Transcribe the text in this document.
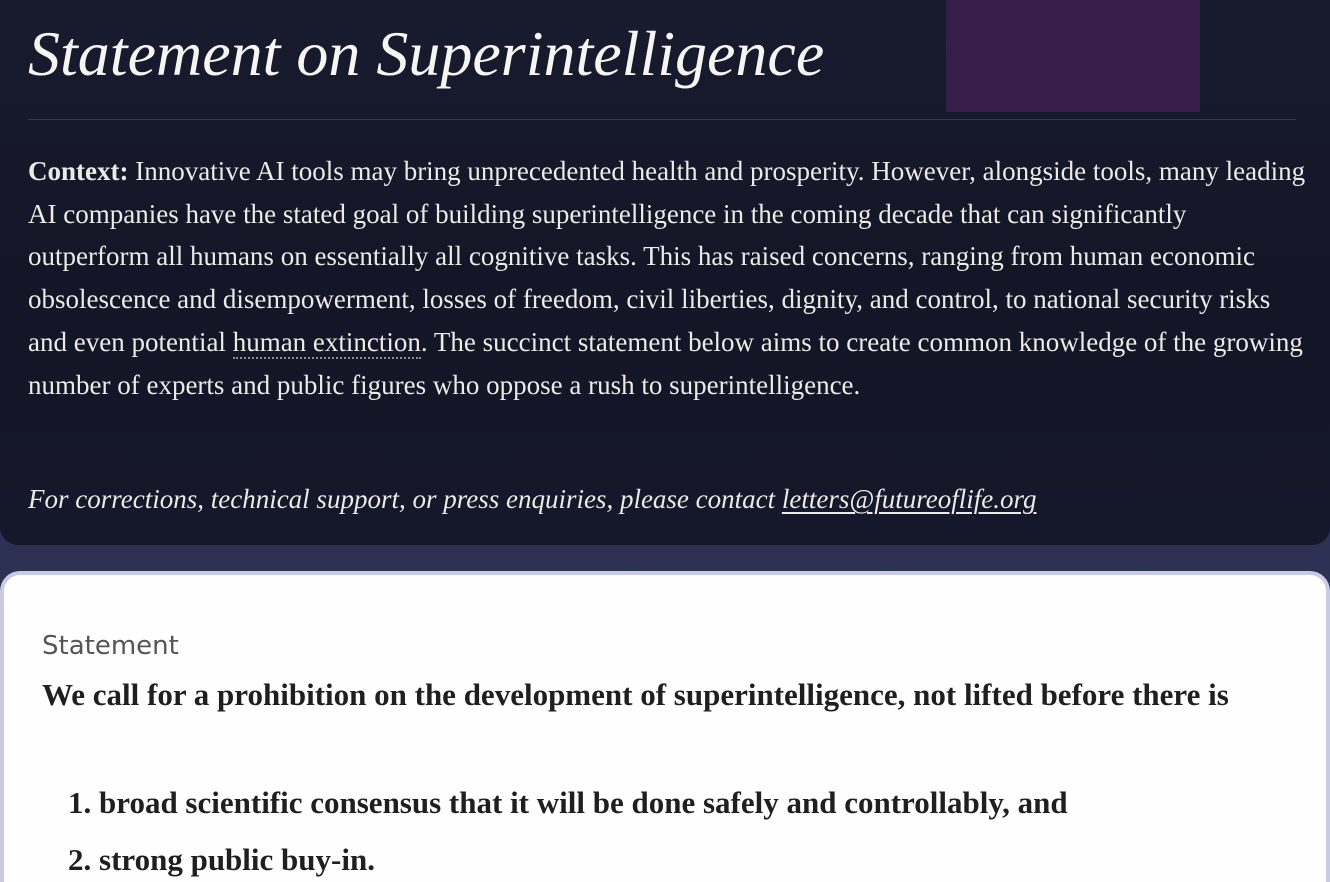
Statement on Superintelligence

Context: Innovative AI tools may bring unprecedented health and prosperity. However, alongside tools, many leading AI companies have the stated goal of building superintelligence in the coming decade that can significantly outperform all humans on essentially all cognitive tasks. This has raised concerns, ranging from human economic obsolescence and disempowerment, losses of freedom, civil liberties, dignity, and control, to national security risks and even potential human extinction. The succinct statement below aims to create common knowledge of the growing number of experts and public figures who oppose a rush to superintelligence.

For corrections, technical support, or press enquiries, please contact letters@futureoflife.org

Statement

We call for a prohibition on the development of superintelligence, not lifted before there is

1. broad scientific consensus that it will be done safely and controllably, and
2. strong public buy-in.
